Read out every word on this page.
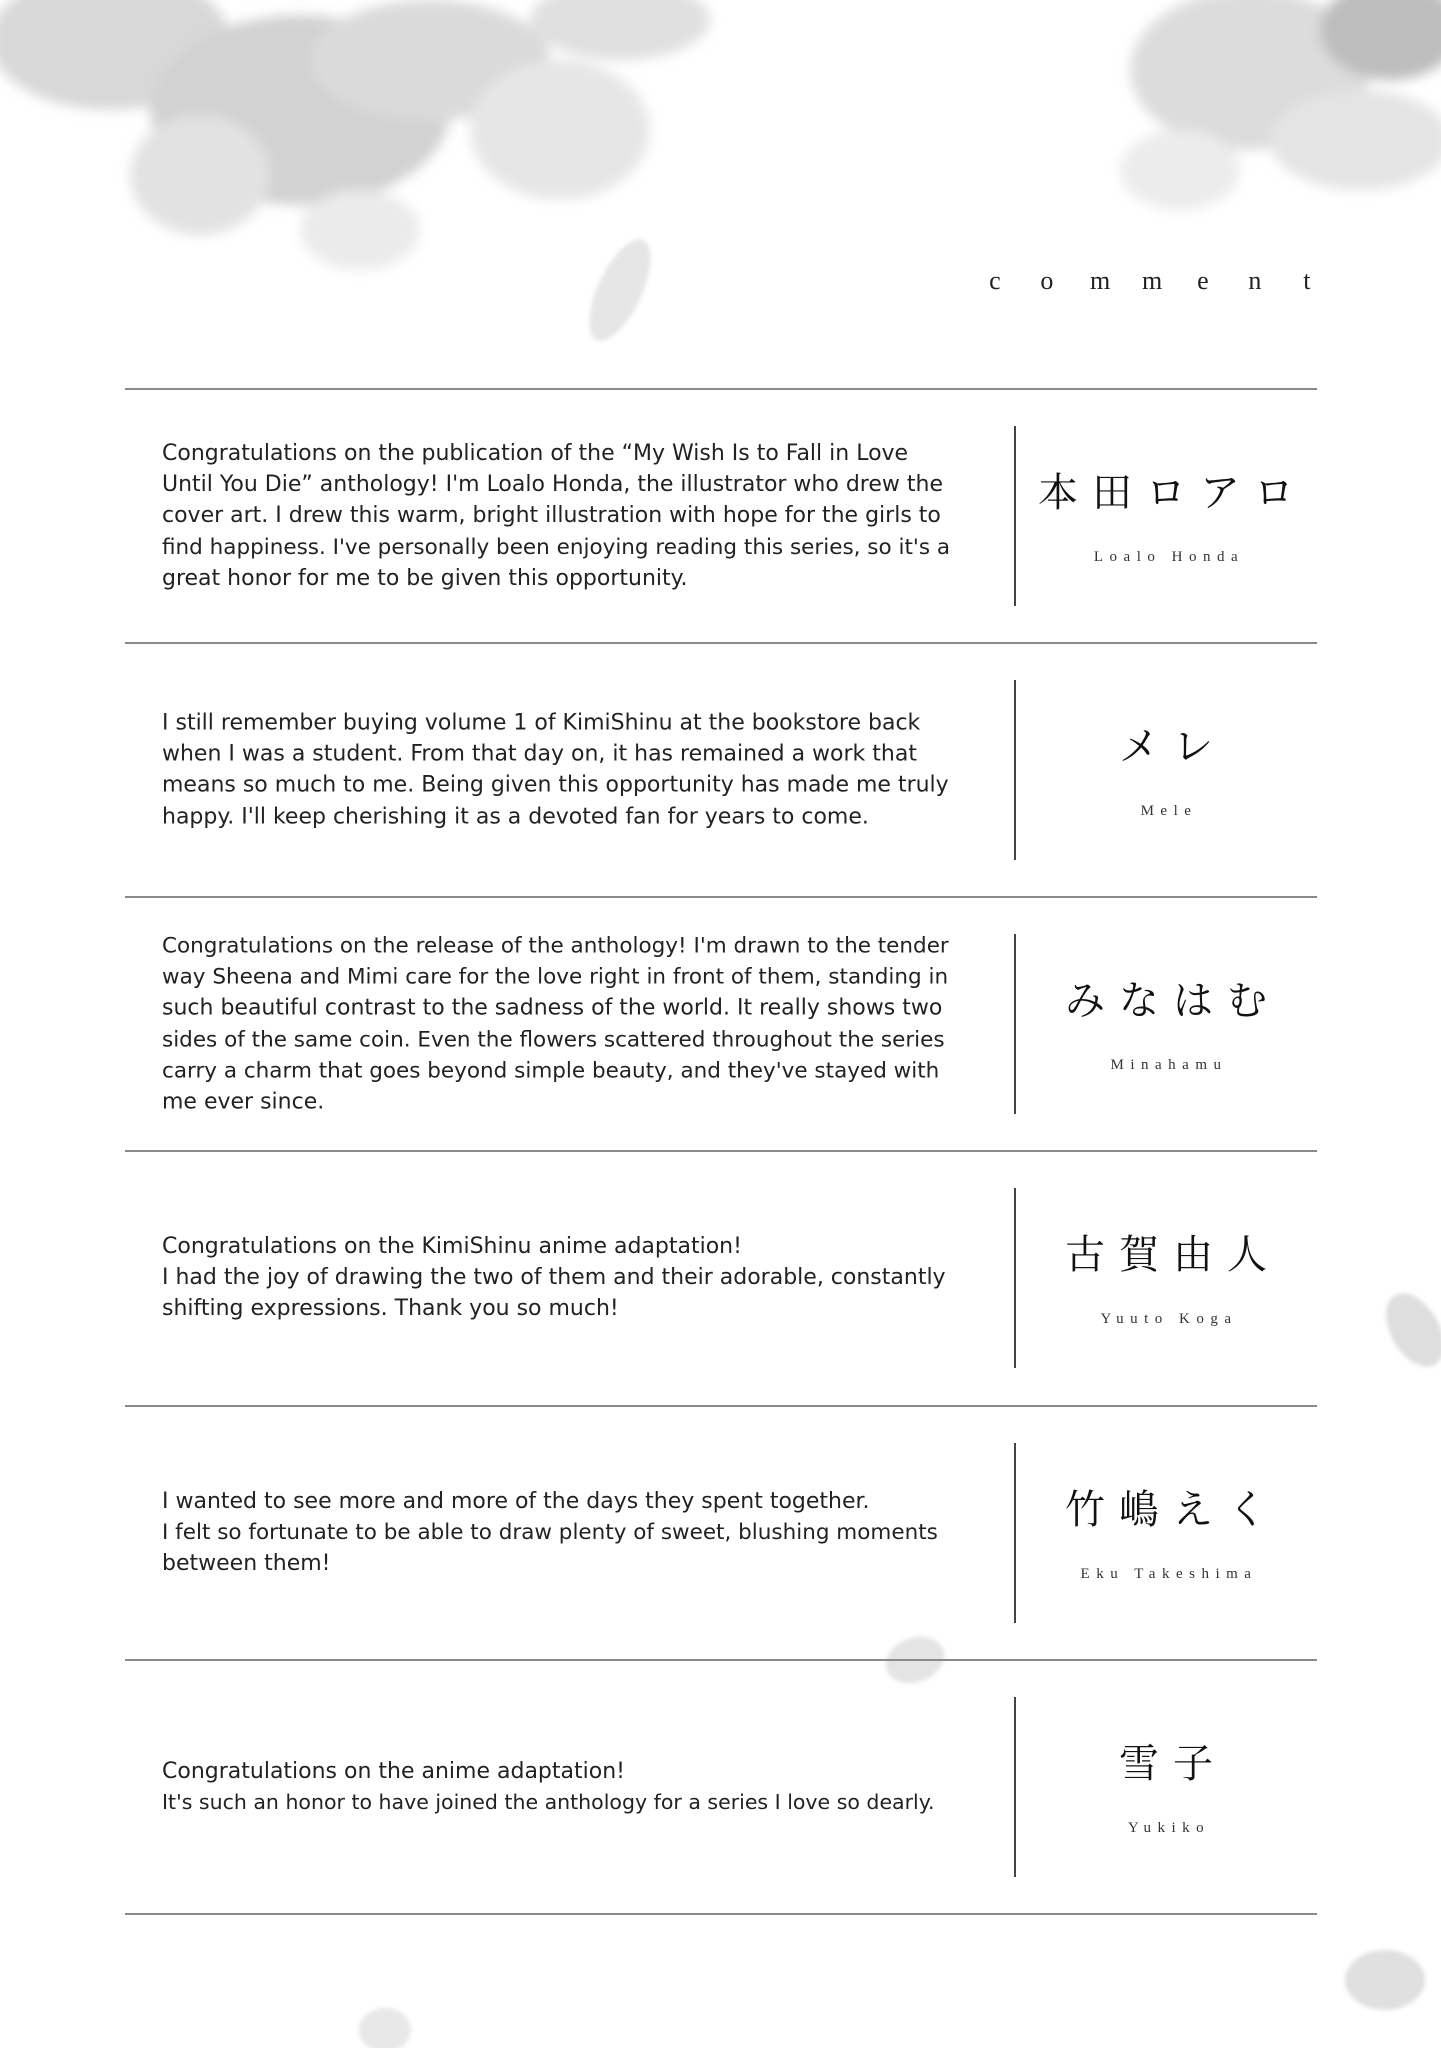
c o m m e n t
Congratulations on the publication of the “My Wish Is to Fall in Love
Until You Die” anthology! I'm Loalo Honda, the illustrator who drew the
cover art. I drew this warm, bright illustration with hope for the girls to
find happiness. I've personally been enjoying reading this series, so it's a
great honor for me to be given this opportunity.
本田ロアロ
Loalo Honda
I still remember buying volume 1 of KimiShinu at the bookstore back
when I was a student. From that day on, it has remained a work that
means so much to me. Being given this opportunity has made me truly
happy. I'll keep cherishing it as a devoted fan for years to come.
メレ
Mele
Congratulations on the release of the anthology! I'm drawn to the tender
way Sheena and Mimi care for the love right in front of them, standing in
such beautiful contrast to the sadness of the world. It really shows two
sides of the same coin. Even the flowers scattered throughout the series
carry a charm that goes beyond simple beauty, and they've stayed with
me ever since.
みなはむ
Minahamu
Congratulations on the KimiShinu anime adaptation!
I had the joy of drawing the two of them and their adorable, constantly
shifting expressions. Thank you so much!
古賀由人
Yuuto Koga
I wanted to see more and more of the days they spent together.
I felt so fortunate to be able to draw plenty of sweet, blushing moments
between them!
竹嶋えく
Eku Takeshima
Congratulations on the anime adaptation!
It's such an honor to have joined the anthology for a series I love so dearly.
雪子
Yukiko
